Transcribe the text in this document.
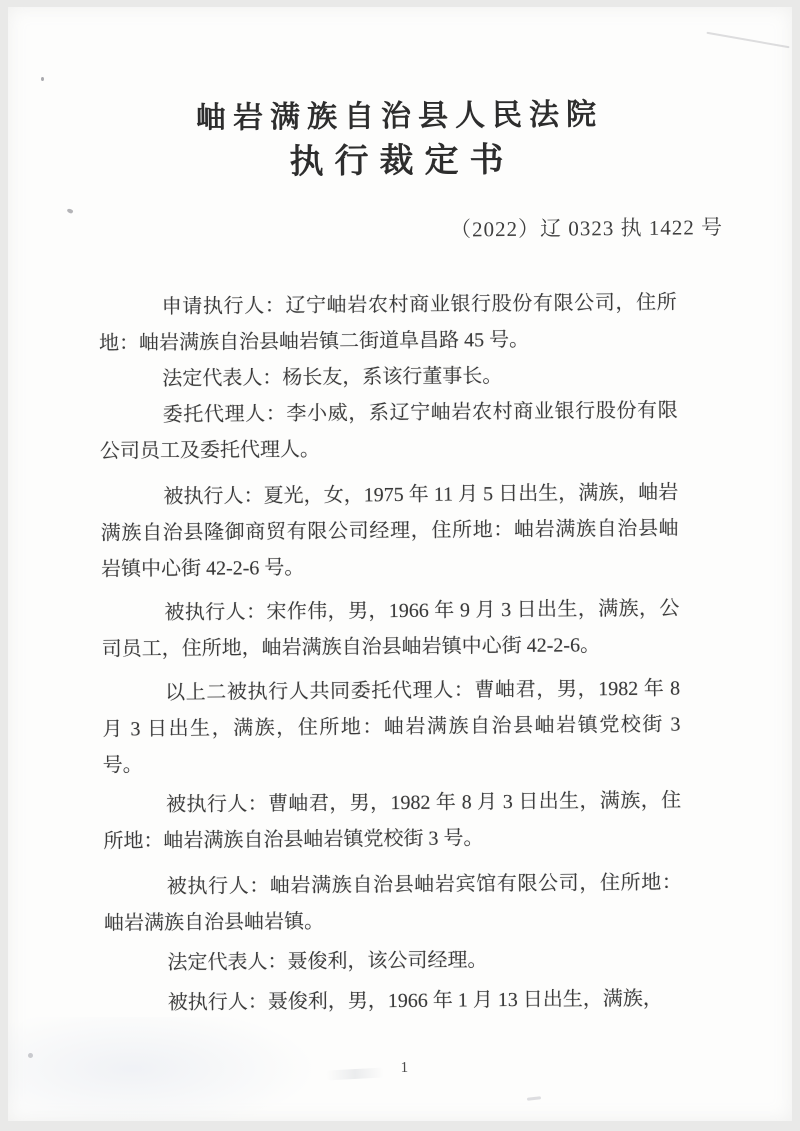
岫岩满族自治县人民法院
执行裁定书
（2022）辽 0323 执 1422 号

申请执行人：辽宁岫岩农村商业银行股份有限公司，住所地：岫岩满族自治县岫岩镇二街道阜昌路 45 号。

法定代表人：杨长友，系该行董事长。

委托代理人：李小威，系辽宁岫岩农村商业银行股份有限公司员工及委托代理人。

被执行人：夏光，女，1975 年 11 月 5 日出生，满族，岫岩满族自治县隆御商贸有限公司经理，住所地：岫岩满族自治县岫岩镇中心街 42-2-6 号。

被执行人：宋作伟，男，1966 年 9 月 3 日出生，满族，公司员工，住所地，岫岩满族自治县岫岩镇中心街 42-2-6。

以上二被执行人共同委托代理人：曹岫君，男，1982 年 8 月 3 日出生，满族，住所地：岫岩满族自治县岫岩镇党校街 3 号。

被执行人：曹岫君，男，1982 年 8 月 3 日出生，满族，住所地：岫岩满族自治县岫岩镇党校街 3 号。

被执行人：岫岩满族自治县岫岩宾馆有限公司，住所地：岫岩满族自治县岫岩镇。

法定代表人：聂俊利，该公司经理。

被执行人：聂俊利，男，1966 年 1 月 13 日出生，满族，

1
